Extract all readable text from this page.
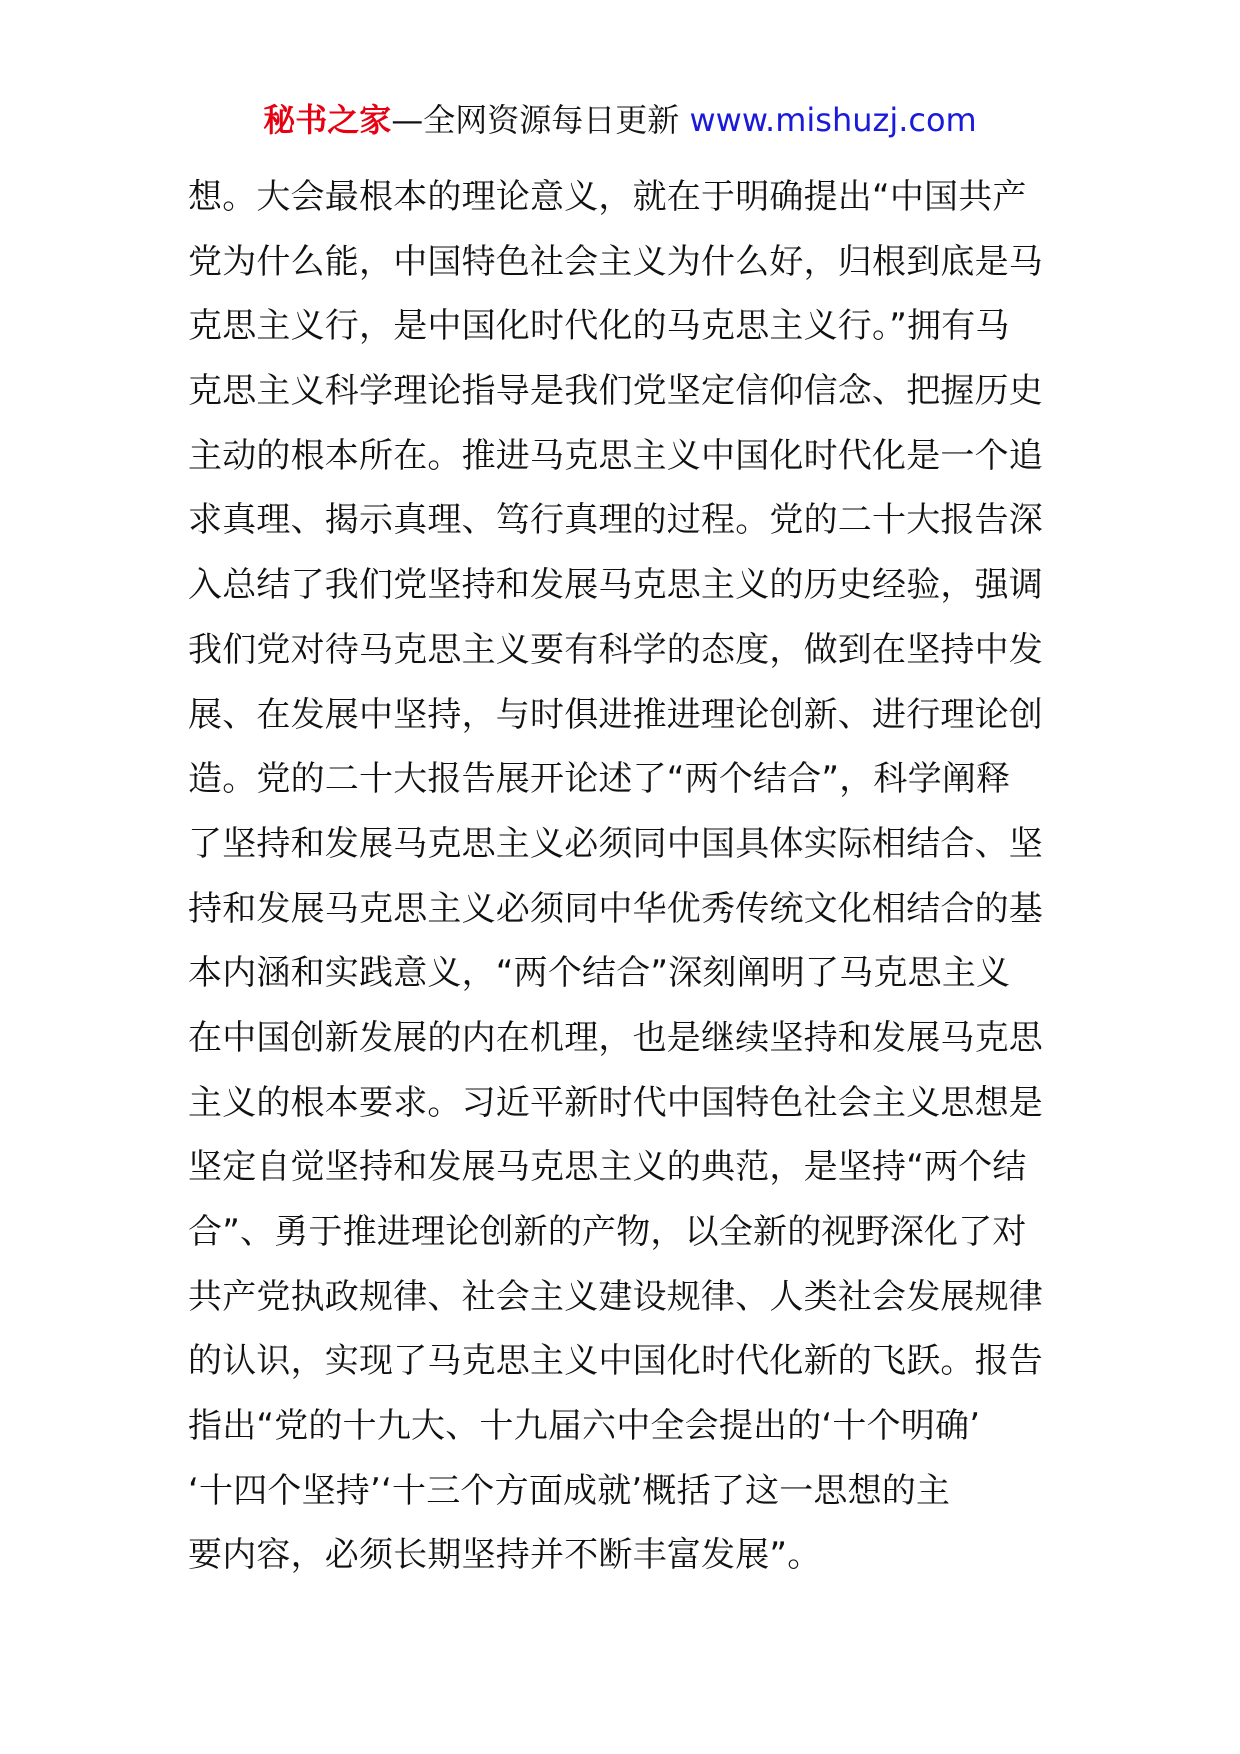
秘书之家—全网资源每日更新 www.mishuzj.com
想。大会最根本的理论意义，就在于明确提出“中国共产
党为什么能，中国特色社会主义为什么好，归根到底是马
克思主义行，是中国化时代化的马克思主义行。”拥有马
克思主义科学理论指导是我们党坚定信仰信念、把握历史
主动的根本所在。推进马克思主义中国化时代化是一个追
求真理、揭示真理、笃行真理的过程。党的二十大报告深
入总结了我们党坚持和发展马克思主义的历史经验，强调
我们党对待马克思主义要有科学的态度，做到在坚持中发
展、在发展中坚持，与时俱进推进理论创新、进行理论创
造。党的二十大报告展开论述了“两个结合”，科学阐释
了坚持和发展马克思主义必须同中国具体实际相结合、坚
持和发展马克思主义必须同中华优秀传统文化相结合的基
本内涵和实践意义，“两个结合”深刻阐明了马克思主义
在中国创新发展的内在机理，也是继续坚持和发展马克思
主义的根本要求。习近平新时代中国特色社会主义思想是
坚定自觉坚持和发展马克思主义的典范，是坚持“两个结
合”、勇于推进理论创新的产物，以全新的视野深化了对
共产党执政规律、社会主义建设规律、人类社会发展规律
的认识，实现了马克思主义中国化时代化新的飞跃。报告
指出“党的十九大、十九届六中全会提出的‘十个明确’
‘十四个坚持’‘十三个方面成就’概括了这一思想的主
要内容，必须长期坚持并不断丰富发展”。
